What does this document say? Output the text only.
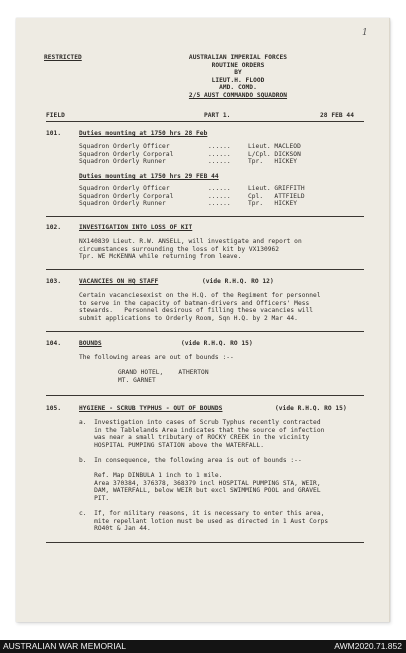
1
RESTRICTED	AUSTRALIAN IMPERIAL FORCES
ROUTINE ORDERS
BY
LIEUT.H. FLOOD
AMD. COMD.
2/5 AUST COMMANDO SQUADRON
FIELD	PART 1.	28 FEB 44
101.	Duties mounting at 1750 hrs 28 Feb
Squadron Orderly Officer	......	Lieut. MACLEOD
Squadron Orderly Corporal	......	L/Cpl. DICKSON
Squadron Orderly Runner	......	Tpr.   HICKEY
Duties mounting at 1750 hrs 29 FEB 44
Squadron Orderly Officer	......	Lieut. GRIFFITH
Squadron Orderly Corporal	......	Cpl.   ATTFIELD
Squadron Orderly Runner	......	Tpr.   HICKEY
102.	INVESTIGATION INTO LOSS OF KIT
NX140839 Lieut. R.W. ANSELL, will investigate and report on
circumstances surrounding the loss of kit by VX130962
Tpr. WE McKENNA while returning from leave.
103.	VACANCIES ON HQ STAFF	(vide R.H.Q. RO 12)
Certain vacanciesexist on the H.Q. of the Regiment for personnel
to serve in the capacity of batman-drivers and Officers' Mess
stewards.   Personnel desirous of filling these vacancies will
submit applications to Orderly Room, Sqn H.Q. by 2 Mar 44.
104.	BOUNDS	(vide R.H.Q. RO 15)
The following areas are out of bounds :--
GRAND HOTEL,    ATHERTON
MT. GARNET
105.	HYGIENE - SCRUB TYPHUS - OUT OF BOUNDS	(vide R.H.Q. RO 15)
a.  Investigation into cases of Scrub Typhus recently contracted
in the Tablelands Area indicates that the source of infection
was near a small tributary of ROCKY CREEK in the vicinity
HOSPITAL PUMPING STATION above the WATERFALL.
b.  In consequence, the following area is out of bounds :--
Ref. Map DINBULA 1 inch to 1 mile.
Area 370384, 376378, 368379 incl HOSPITAL PUMPING STA, WEIR,
DAM, WATERFALL, below WEIR but excl SWIMMING POOL and GRAVEL
PIT.
c.  If, for military reasons, it is necessary to enter this area,
mite repellant lotion must be used as directed in 1 Aust Corps
RO40t & Jan 44.
AUSTRALIAN WAR MEMORIAL	AWM2020.71.852
